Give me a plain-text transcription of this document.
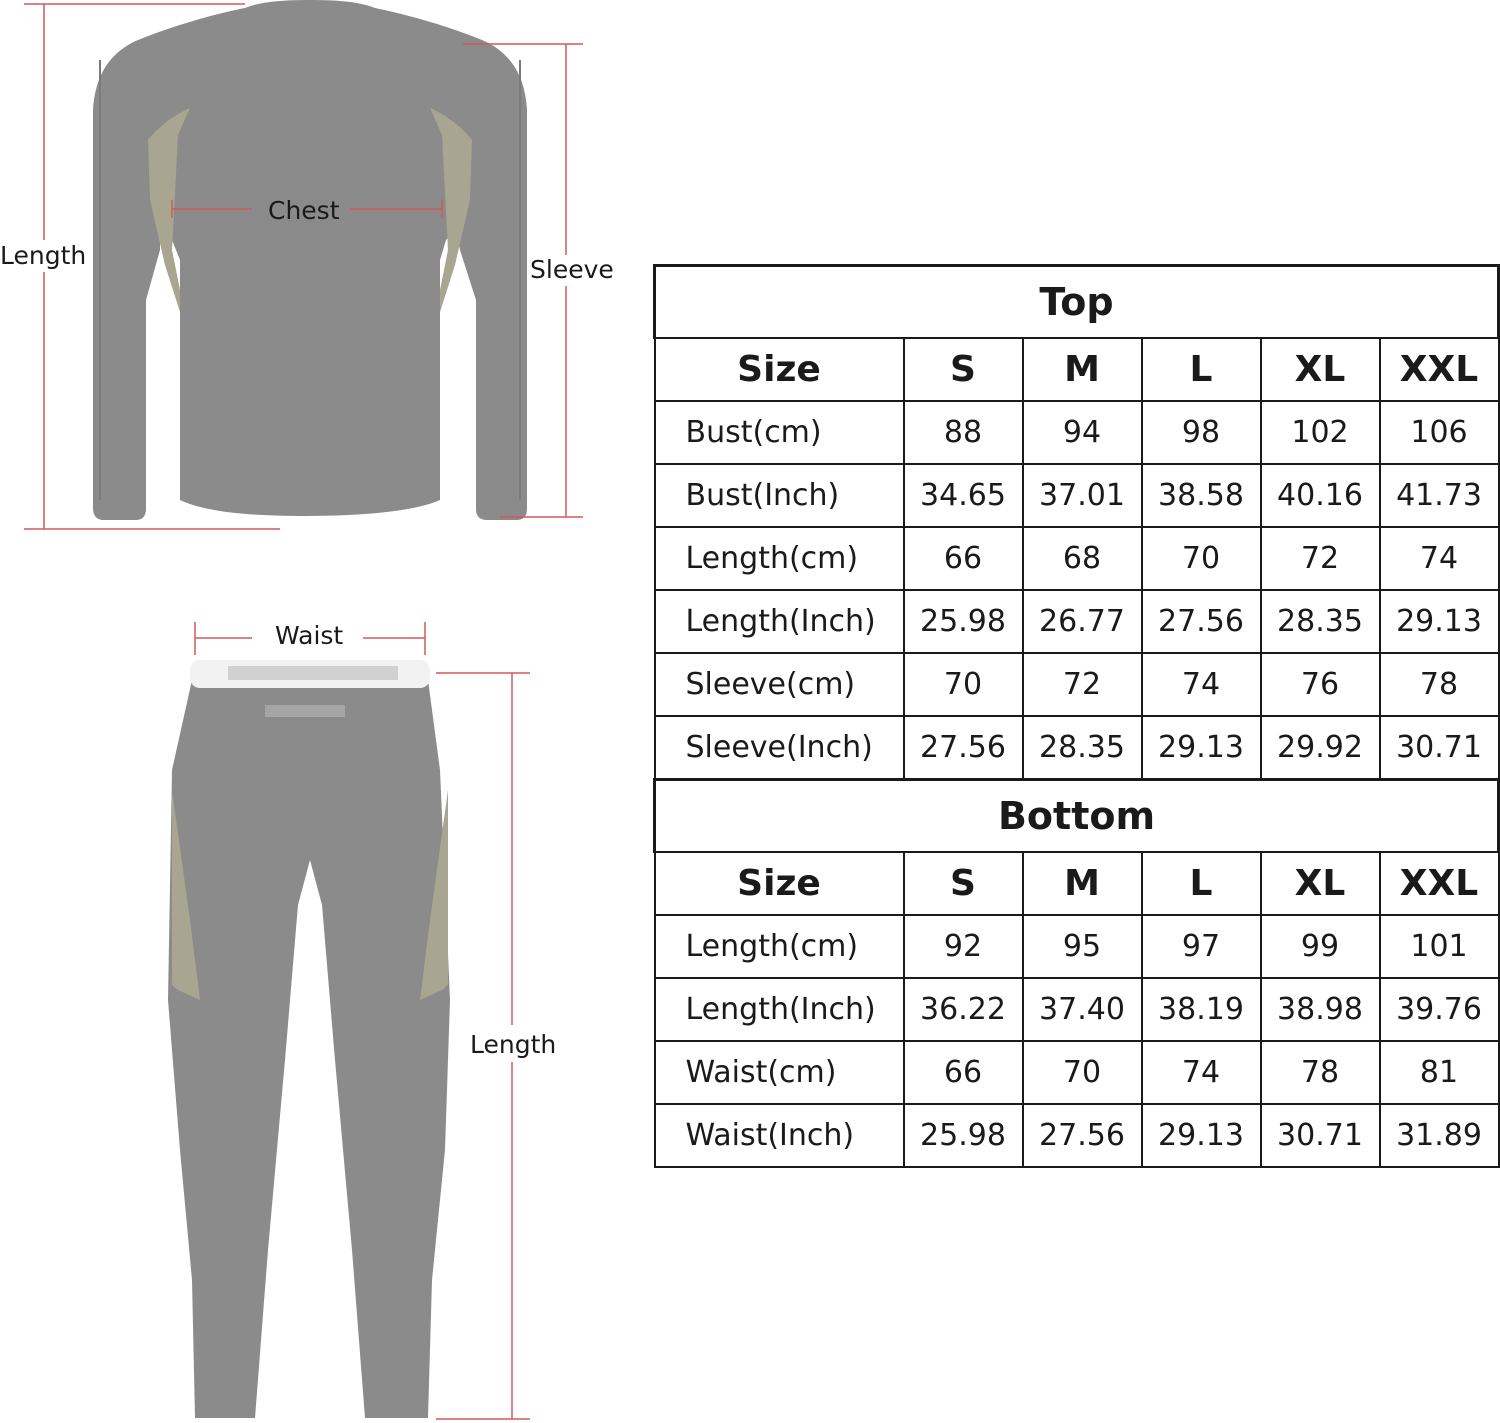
Length
Chest
Sleeve
Waist
Length
Top					
Size	S	M	L	XL	XXL
Bust(cm)	88	94	98	102	106
Bust(Inch)	34.65	37.01	38.58	40.16	41.73
Length(cm)	66	68	70	72	74
Length(Inch)	25.98	26.77	27.56	28.35	29.13
Sleeve(cm)	70	72	74	76	78
Sleeve(Inch)	27.56	28.35	29.13	29.92	30.71
Bottom					
Size	S	M	L	XL	XXL
Length(cm)	92	95	97	99	101
Length(Inch)	36.22	37.40	38.19	38.98	39.76
Waist(cm)	66	70	74	78	81
Waist(Inch)	25.98	27.56	29.13	30.71	31.89
